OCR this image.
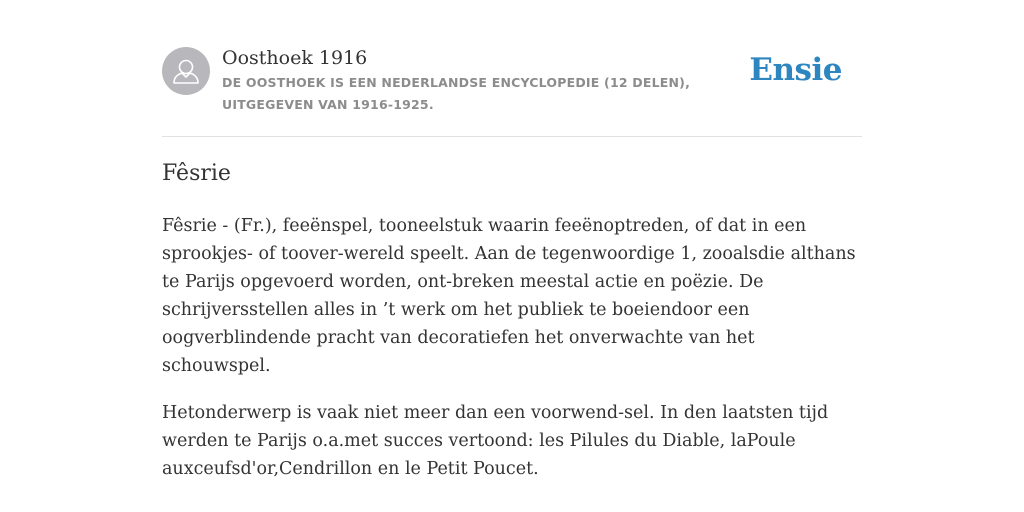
Oosthoek 1916
DE OOSTHOEK IS EEN NEDERLANDSE ENCYCLOPEDIE (12 DELEN), UITGEGEVEN VAN 1916-1925.
Ensie
Fêsrie

Fêsrie - (Fr.), feeënspel, tooneelstuk waarin feeënoptreden, of dat in een sprookjes- of toover-wereld speelt. Aan de tegenwoordige 1, zooalsdie althans te Parijs opgevoerd worden, ont-breken meestal actie en poëzie. De schrijversstellen alles in ’t werk om het publiek te boeiendoor een oogverblindende pracht van decoratiefen het onverwachte van het schouwspel.

Hetonderwerp is vaak niet meer dan een voorwend-sel. In den laatsten tijd werden te Parijs o.a.met succes vertoond: les Pilules du Diable, laPoule auxceufsd'or,Cendrillon en le Petit Poucet.
